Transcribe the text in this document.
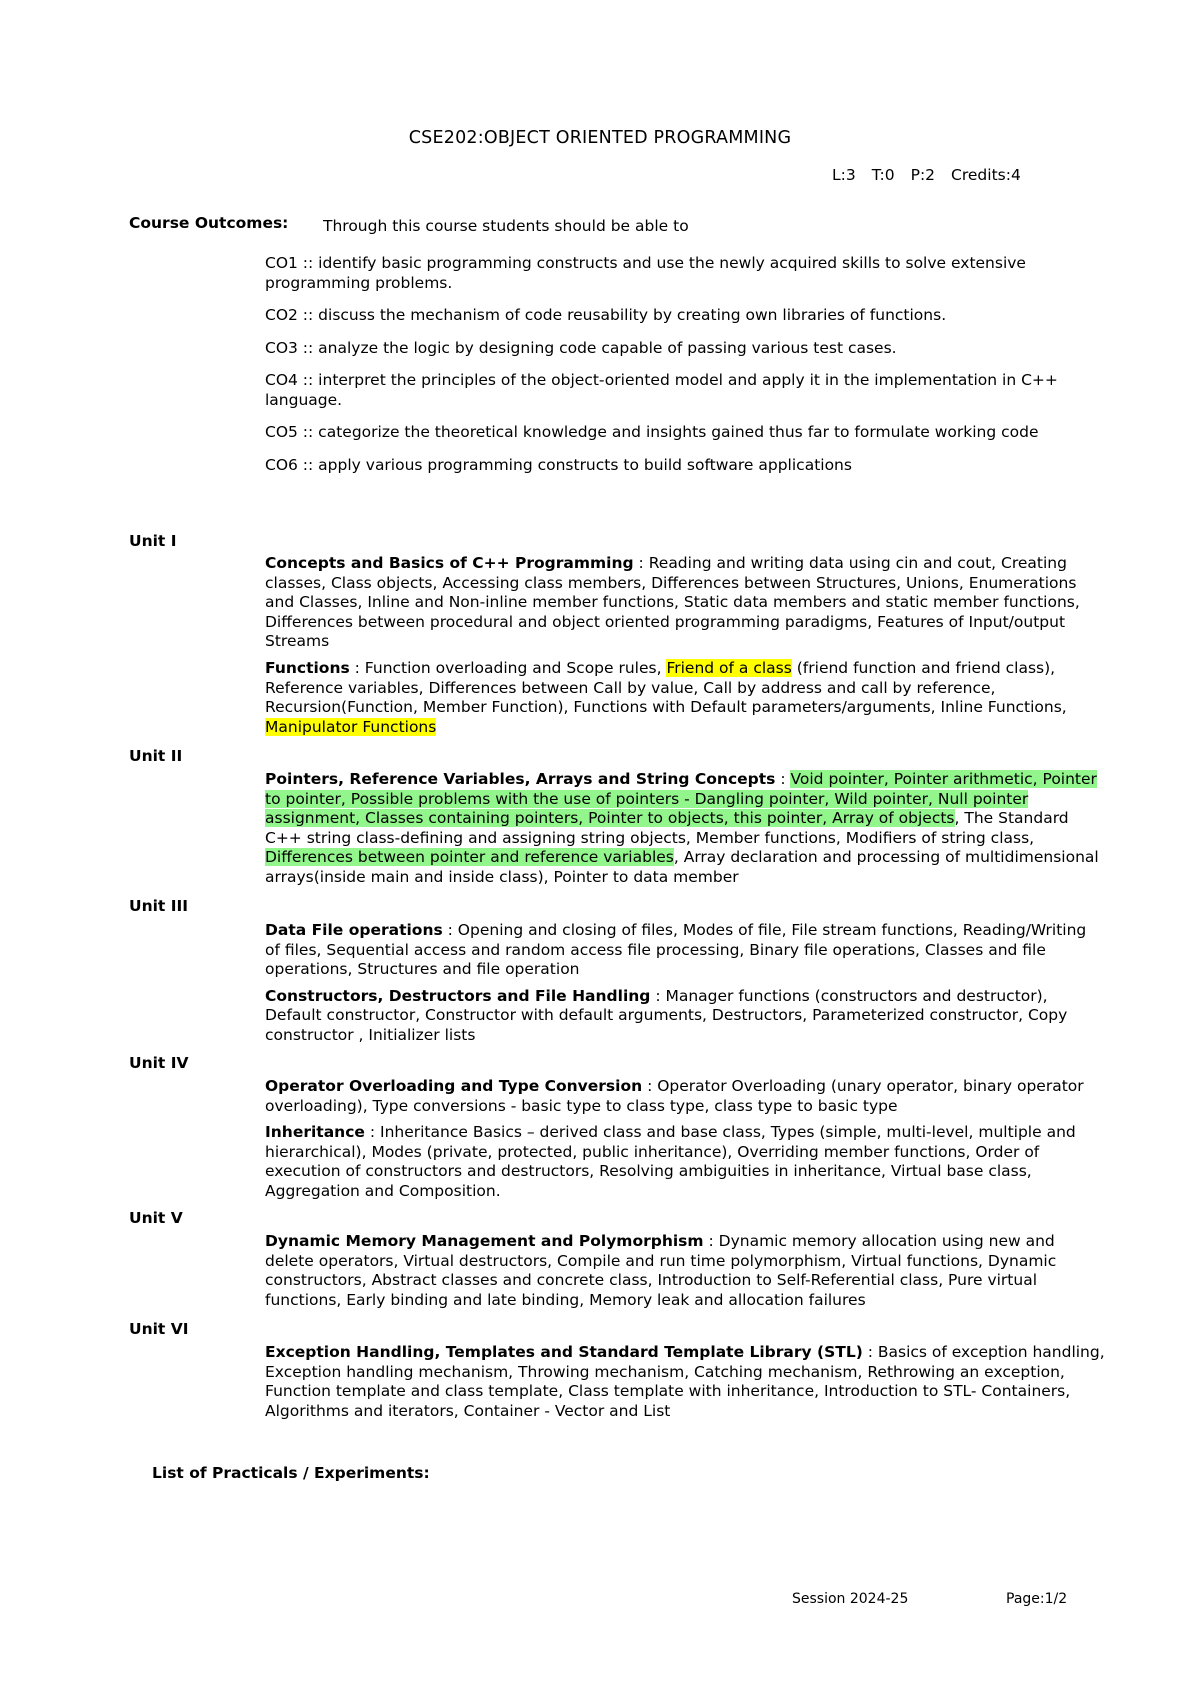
CSE202:OBJECT ORIENTED PROGRAMMING
L:3 T:0 P:2 Credits:4
Course Outcomes: Through this course students should be able to
CO1 :: identify basic programming constructs and use the newly acquired skills to solve extensive programming problems.
CO2 :: discuss the mechanism of code reusability by creating own libraries of functions.
CO3 :: analyze the logic by designing code capable of passing various test cases.
CO4 :: interpret the principles of the object-oriented model and apply it in the implementation in C++ language.
CO5 :: categorize the theoretical knowledge and insights gained thus far to formulate working code
CO6 :: apply various programming constructs to build software applications
Unit I
Concepts and Basics of C++ Programming : Reading and writing data using cin and cout, Creating classes, Class objects, Accessing class members, Differences between Structures, Unions, Enumerations and Classes, Inline and Non-inline member functions, Static data members and static member functions, Differences between procedural and object oriented programming paradigms, Features of Input/output Streams
Functions : Function overloading and Scope rules, Friend of a class (friend function and friend class), Reference variables, Differences between Call by value, Call by address and call by reference, Recursion(Function, Member Function), Functions with Default parameters/arguments, Inline Functions, Manipulator Functions
Unit II
Pointers, Reference Variables, Arrays and String Concepts : Void pointer, Pointer arithmetic, Pointer to pointer, Possible problems with the use of pointers - Dangling pointer, Wild pointer, Null pointer assignment, Classes containing pointers, Pointer to objects, this pointer, Array of objects, The Standard C++ string class-defining and assigning string objects, Member functions, Modifiers of string class, Differences between pointer and reference variables, Array declaration and processing of multidimensional arrays(inside main and inside class), Pointer to data member
Unit III
Data File operations : Opening and closing of files, Modes of file, File stream functions, Reading/Writing of files, Sequential access and random access file processing, Binary file operations, Classes and file operations, Structures and file operation
Constructors, Destructors and File Handling : Manager functions (constructors and destructor), Default constructor, Constructor with default arguments, Destructors, Parameterized constructor, Copy constructor , Initializer lists
Unit IV
Operator Overloading and Type Conversion : Operator Overloading (unary operator, binary operator overloading), Type conversions - basic type to class type, class type to basic type
Inheritance : Inheritance Basics – derived class and base class, Types (simple, multi-level, multiple and hierarchical), Modes (private, protected, public inheritance), Overriding member functions, Order of execution of constructors and destructors, Resolving ambiguities in inheritance, Virtual base class, Aggregation and Composition.
Unit V
Dynamic Memory Management and Polymorphism : Dynamic memory allocation using new and delete operators, Virtual destructors, Compile and run time polymorphism, Virtual functions, Dynamic constructors, Abstract classes and concrete class, Introduction to Self-Referential class, Pure virtual functions, Early binding and late binding, Memory leak and allocation failures
Unit VI
Exception Handling, Templates and Standard Template Library (STL) : Basics of exception handling, Exception handling mechanism, Throwing mechanism, Catching mechanism, Rethrowing an exception, Function template and class template, Class template with inheritance, Introduction to STL- Containers, Algorithms and iterators, Container - Vector and List
List of Practicals / Experiments:
Session 2024-25	Page:1/2
